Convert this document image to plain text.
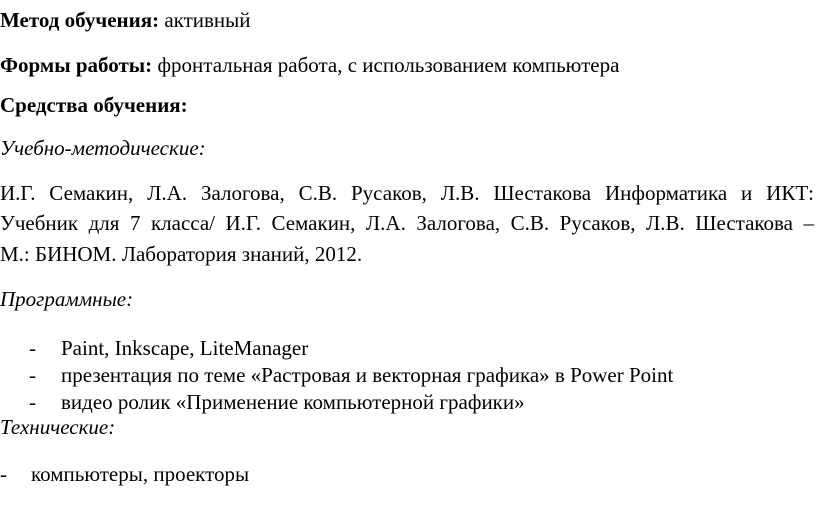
Метод обучения: активный
Формы работы: фронтальная работа, с использованием компьютера
Средства обучения:
Учебно-методические:
И.Г. Семакин, Л.А. Залогова, С.В. Русаков, Л.В. Шестакова Информатика и ИКТ:
Учебник для 7 класса/ И.Г. Семакин, Л.А. Залогова, С.В. Русаков, Л.В. Шестакова –
М.: БИНОМ. Лаборатория знаний, 2012.
Программные:
- Paint, Inkscape, LiteManager
- презентация по теме «Растровая и векторная графика» в Power Point
- видео ролик «Применение компьютерной графики»
Технические:
- компьютеры, проекторы
